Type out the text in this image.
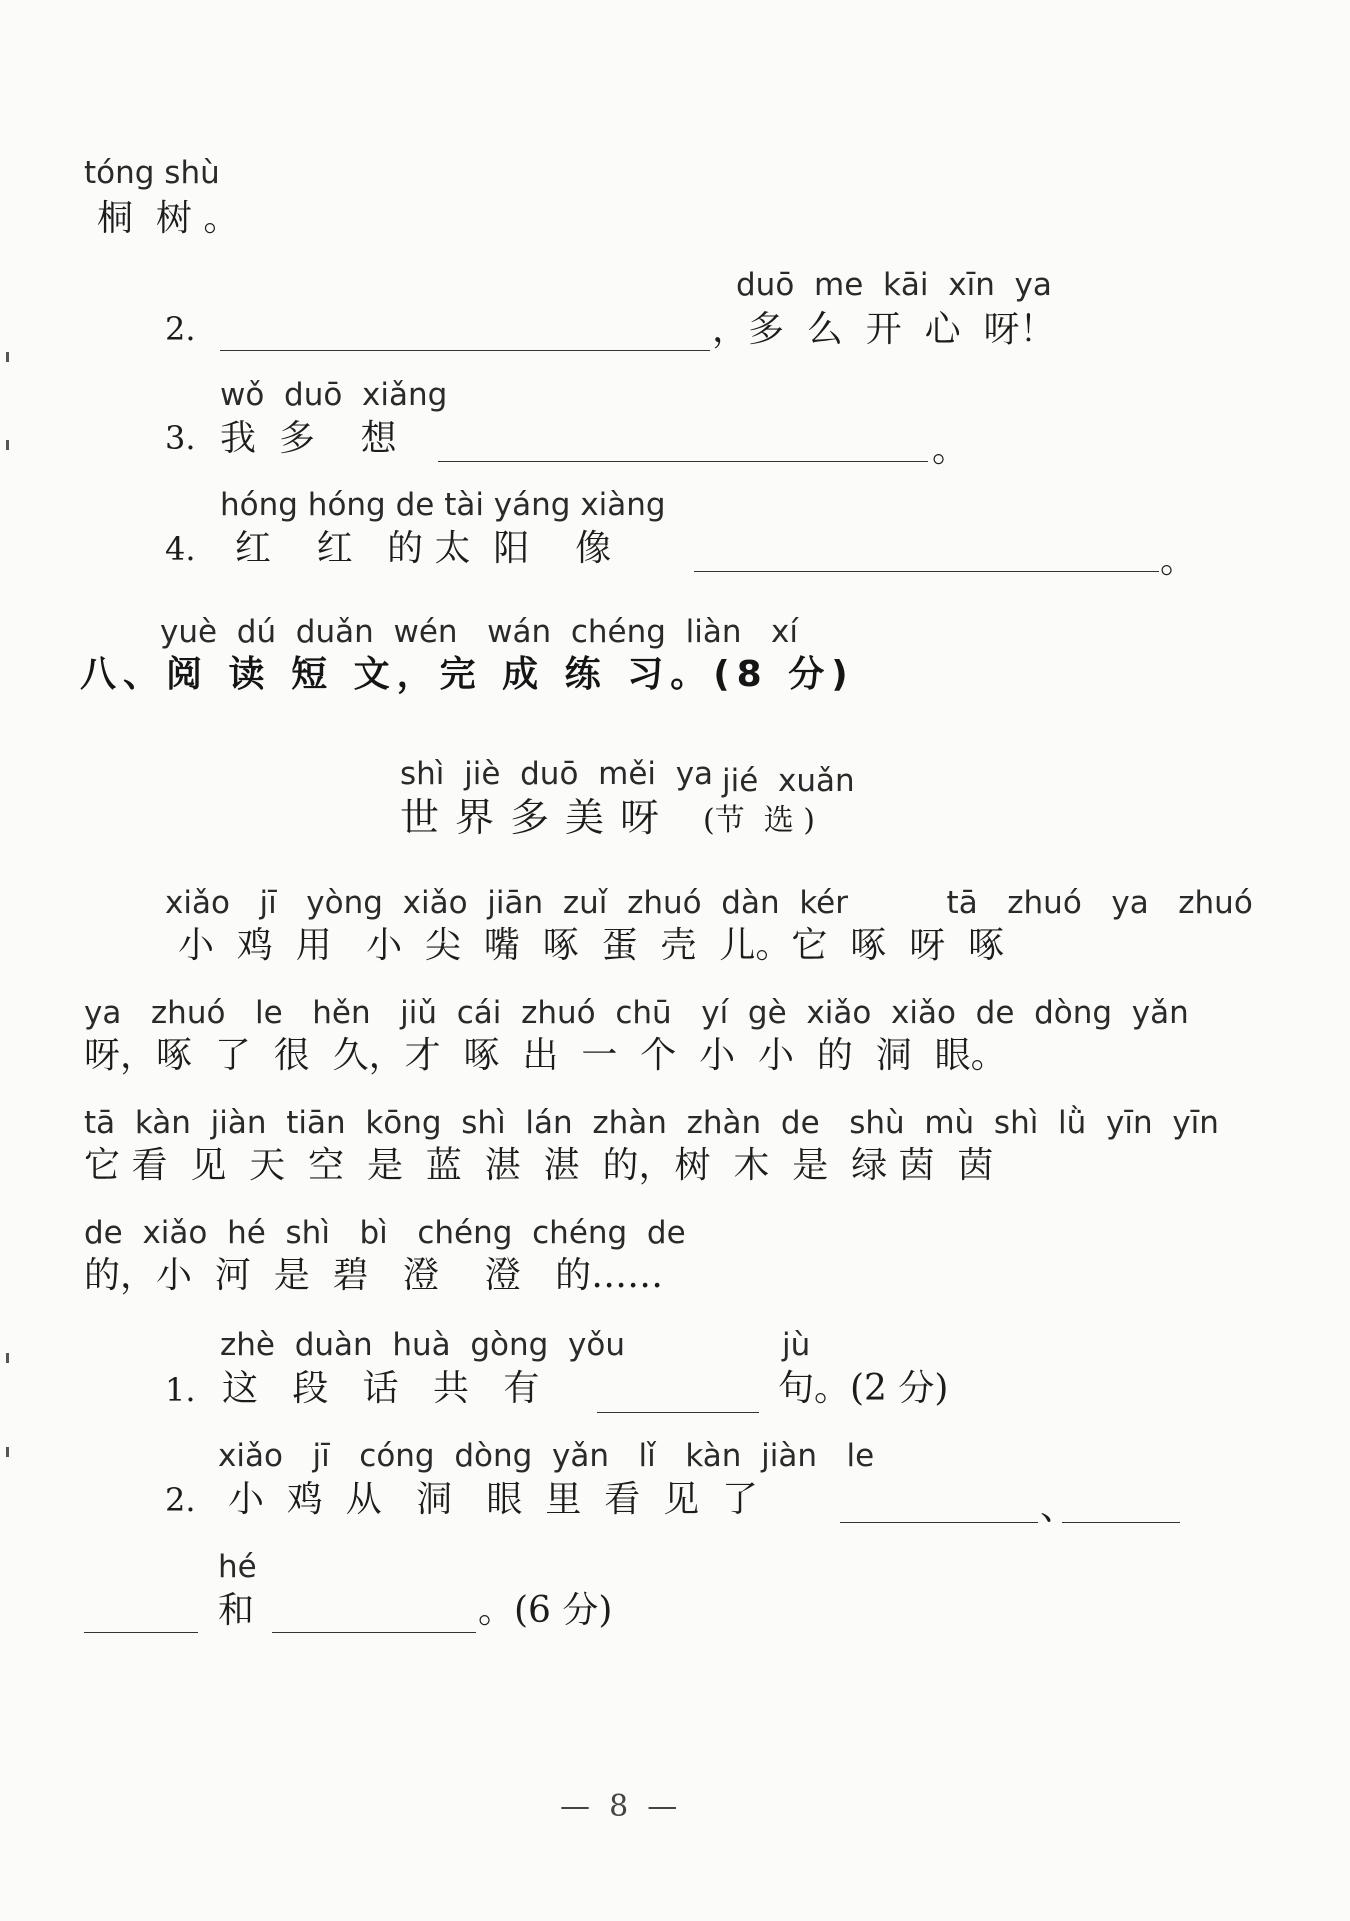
tóng shù
桐  树 。
duō  me  kāi  xīn  ya
2.	，多  么  开  心  呀！
wǒ  duō  xiǎng
3. 我  多    想	。
hóng hóng de tài yáng xiàng
4. 红    红   的 太  阳    像	。
yuè  dú  duǎn  wén   wán  chéng  liàn   xí
八、阅 读 短 文，完 成 练 习。(8 分)
shì  jiè  duō  měi  ya jié  xuǎn
世界多美呀 (节  选 )
xiǎo   jī   yòng  xiǎo  jiān  zuǐ  zhuó  dàn  kér          tā   zhuó   ya   zhuó
小  鸡  用   小  尖  嘴  啄  蛋  壳  儿。它  啄  呀  啄
ya   zhuó   le   hěn   jiǔ  cái  zhuó  chū   yí  gè  xiǎo  xiǎo  de  dòng  yǎn
呀，啄  了  很  久，才  啄  出  一  个  小  小  的  洞  眼。
tā  kàn  jiàn  tiān  kōng  shì  lán  zhàn  zhàn  de   shù  mù  shì  lǜ  yīn  yīn
它 看  见  天  空  是  蓝  湛  湛  的，树  木  是  绿 茵  茵
de  xiǎo  hé  shì   bì   chéng  chéng  de
的，小  河  是  碧   澄    澄   的……
zhè  duàn  huà  gòng  yǒu	jù
1. 这   段   话   共   有	句。(2 分)
xiǎo   jī   cóng  dòng  yǎn   lǐ   kàn  jiàn   le
2. 小  鸡  从   洞   眼  里  看  见  了	、
hé
和	。(6 分)
—  8  —
